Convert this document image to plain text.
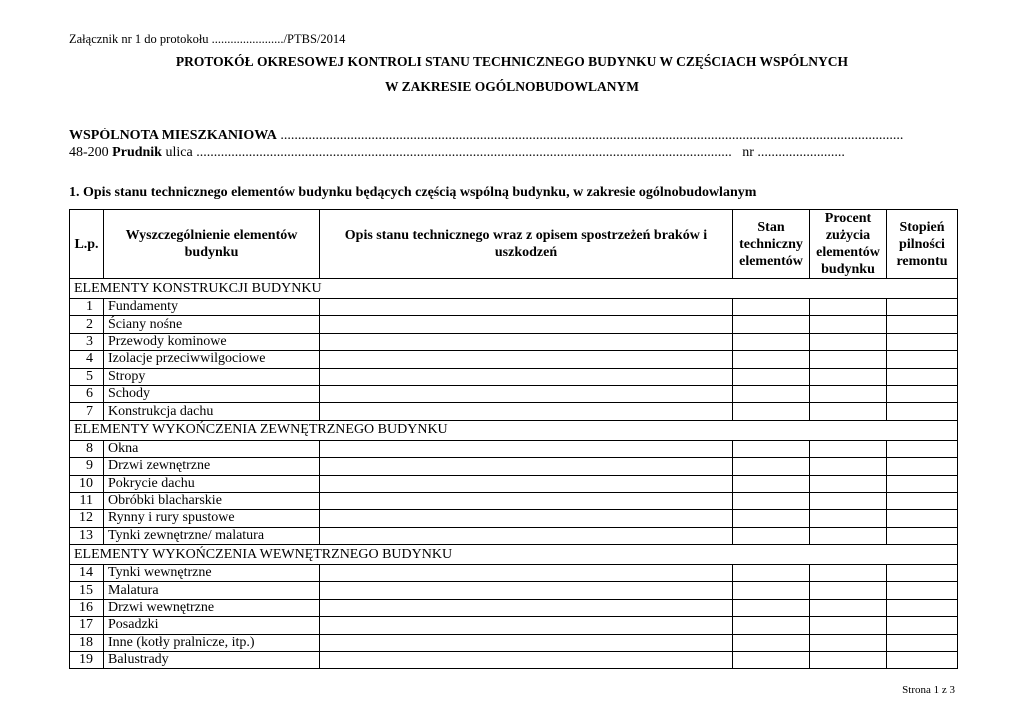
Załącznik nr 1 do protokołu ......................./PTBS/2014
PROTOKÓŁ OKRESOWEJ KONTROLI STANU TECHNICZNEGO BUDYNKU W CZĘŚCIACH WSPÓLNYCH
W ZAKRESIE OGÓLNOBUDOWLANYM
WSPÓLNOTA MIESZKANIOWA ..................................................................................................................................................................................
48-200 Prudnik ulica ......................................................................................................................................................... nr .........................
1. Opis stanu technicznego elementów budynku będących częścią wspólną budynku, w zakresie ogólnobudowlanym
L.p.	Wyszczególnienie elementów budynku	Opis stanu technicznego wraz z opisem spostrzeżeń braków i uszkodzeń	Stan techniczny elementów	Procent zużycia elementów budynku	Stopień pilności remontu
ELEMENTY KONSTRUKCJI BUDYNKU					
1	Fundamenty				
2	Ściany nośne				
3	Przewody kominowe				
4	Izolacje przeciwwilgociowe				
5	Stropy				
6	Schody				
7	Konstrukcja dachu				
ELEMENTY WYKOŃCZENIA ZEWNĘTRZNEGO BUDYNKU					
8	Okna				
9	Drzwi zewnętrzne				
10	Pokrycie dachu				
11	Obróbki blacharskie				
12	Rynny i rury spustowe				
13	Tynki zewnętrzne/ malatura				
ELEMENTY WYKOŃCZENIA WEWNĘTRZNEGO BUDYNKU					
14	Tynki wewnętrzne				
15	Malatura				
16	Drzwi wewnętrzne				
17	Posadzki				
18	Inne (kotły pralnicze, itp.)				
19	Balustrady				
Strona 1 z 3
